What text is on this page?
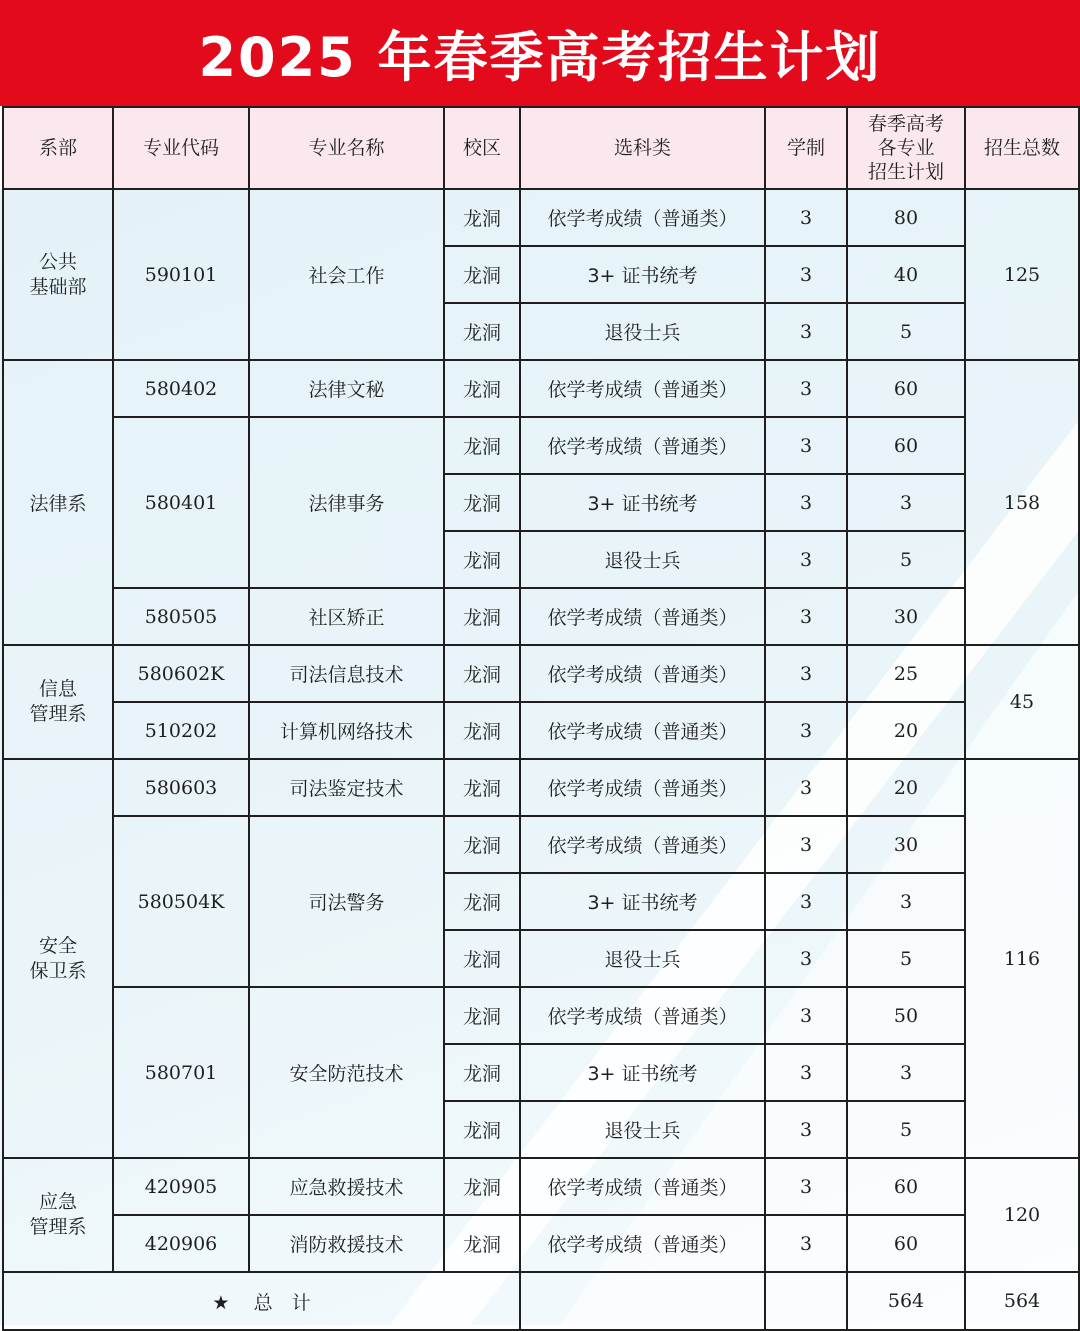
2025 年春季高考招生计划
系部	专业代码	专业名称	校区	选科类	学制	春季高考
各专业
招生计划	招生总数

公共
基础部	590101	社会工作	龙洞	依学考成绩（普通类）	3	80	125
			龙洞	3+ 证书统考	3	40	
			龙洞	退役士兵	3	5	
法律系	580402	法律文秘	龙洞	依学考成绩（普通类）	3	60	158
	580401	法律事务	龙洞	依学考成绩（普通类）	3	60	
			龙洞	3+ 证书统考	3	3	
			龙洞	退役士兵	3	5	
	580505	社区矫正	龙洞	依学考成绩（普通类）	3	30	

信息
管理系	580602K	司法信息技术	龙洞	依学考成绩（普通类）	3	25	45
	510202	计算机网络技术	龙洞	依学考成绩（普通类）	3	20	

安全
保卫系	580603	司法鉴定技术	龙洞	依学考成绩（普通类）	3	20	116
	580504K	司法警务	龙洞	依学考成绩（普通类）	3	30	
			龙洞	3+ 证书统考	3	3	
			龙洞	退役士兵	3	5	
	580701	安全防范技术	龙洞	依学考成绩（普通类）	3	50	
			龙洞	3+ 证书统考	3	3	
			龙洞	退役士兵	3	5	

应急
管理系	420905	应急救援技术	龙洞	依学考成绩（普通类）	3	60	120
	420906	消防救援技术	龙洞	依学考成绩（普通类）	3	60	
★ 总　计						564	564
